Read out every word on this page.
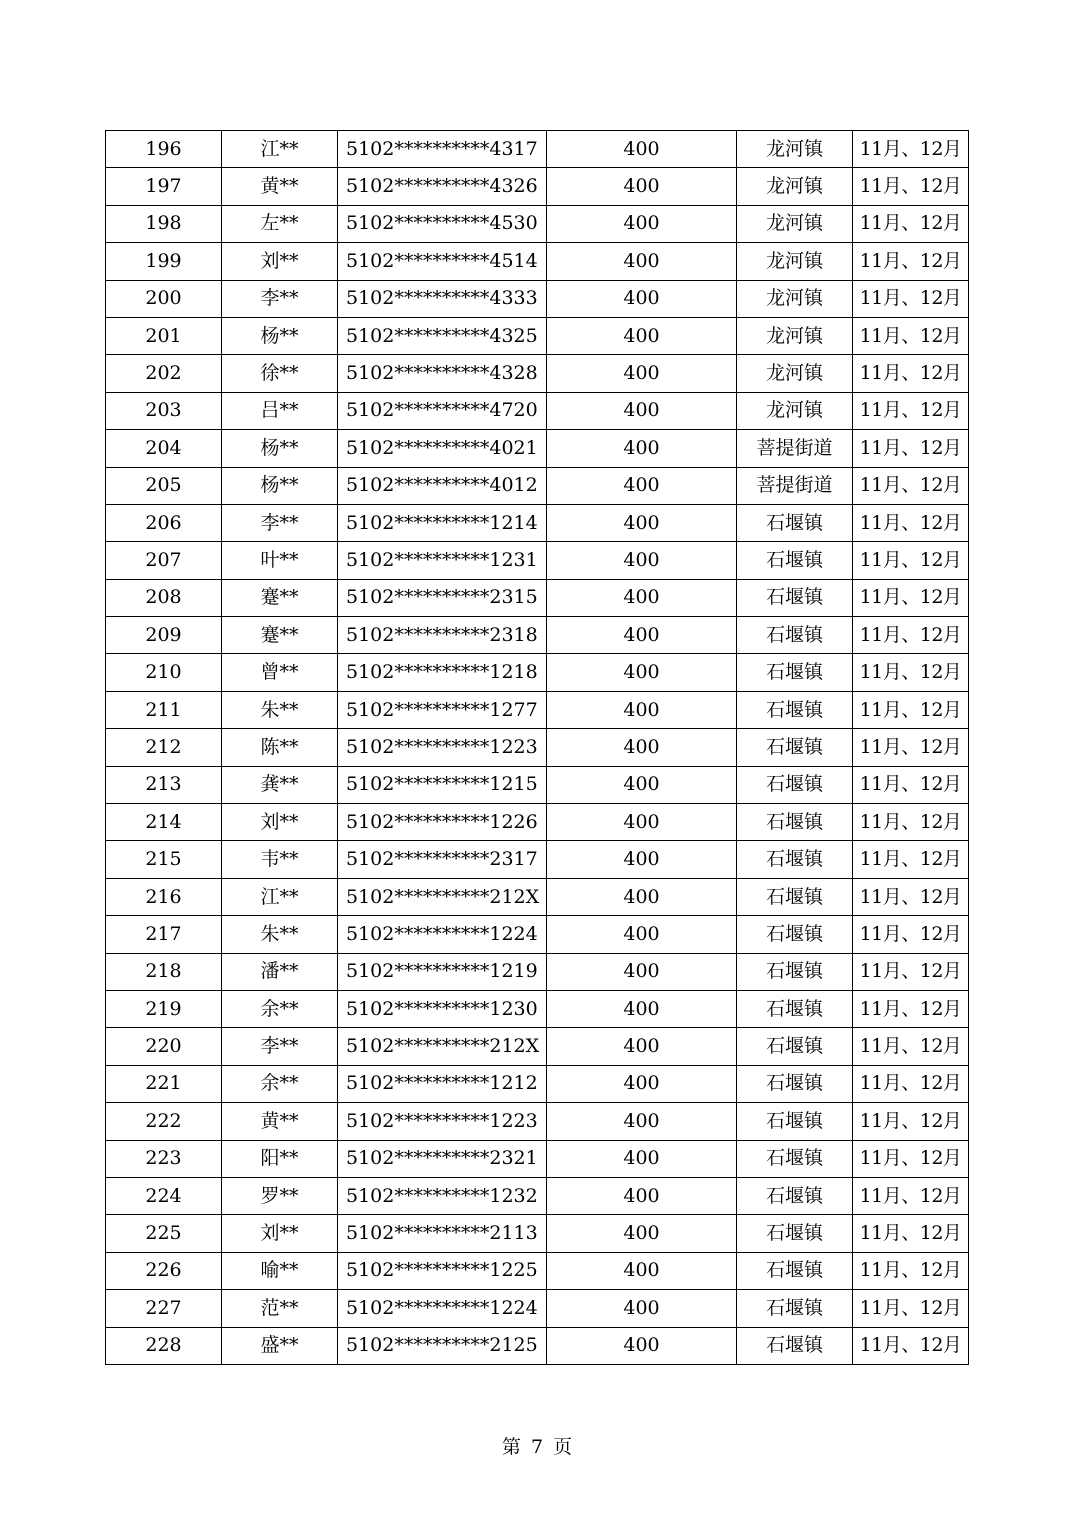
196	江**	5102**********4317	400	龙河镇	11月、12月
197	黄**	5102**********4326	400	龙河镇	11月、12月
198	左**	5102**********4530	400	龙河镇	11月、12月
199	刘**	5102**********4514	400	龙河镇	11月、12月
200	李**	5102**********4333	400	龙河镇	11月、12月
201	杨**	5102**********4325	400	龙河镇	11月、12月
202	徐**	5102**********4328	400	龙河镇	11月、12月
203	吕**	5102**********4720	400	龙河镇	11月、12月
204	杨**	5102**********4021	400	菩提街道	11月、12月
205	杨**	5102**********4012	400	菩提街道	11月、12月
206	李**	5102**********1214	400	石堰镇	11月、12月
207	叶**	5102**********1231	400	石堰镇	11月、12月
208	蹇**	5102**********2315	400	石堰镇	11月、12月
209	蹇**	5102**********2318	400	石堰镇	11月、12月
210	曾**	5102**********1218	400	石堰镇	11月、12月
211	朱**	5102**********1277	400	石堰镇	11月、12月
212	陈**	5102**********1223	400	石堰镇	11月、12月
213	龚**	5102**********1215	400	石堰镇	11月、12月
214	刘**	5102**********1226	400	石堰镇	11月、12月
215	韦**	5102**********2317	400	石堰镇	11月、12月
216	江**	5102**********212X	400	石堰镇	11月、12月
217	朱**	5102**********1224	400	石堰镇	11月、12月
218	潘**	5102**********1219	400	石堰镇	11月、12月
219	余**	5102**********1230	400	石堰镇	11月、12月
220	李**	5102**********212X	400	石堰镇	11月、12月
221	余**	5102**********1212	400	石堰镇	11月、12月
222	黄**	5102**********1223	400	石堰镇	11月、12月
223	阳**	5102**********2321	400	石堰镇	11月、12月
224	罗**	5102**********1232	400	石堰镇	11月、12月
225	刘**	5102**********2113	400	石堰镇	11月、12月
226	喻**	5102**********1225	400	石堰镇	11月、12月
227	范**	5102**********1224	400	石堰镇	11月、12月
228	盛**	5102**********2125	400	石堰镇	11月、12月
第 7 页
